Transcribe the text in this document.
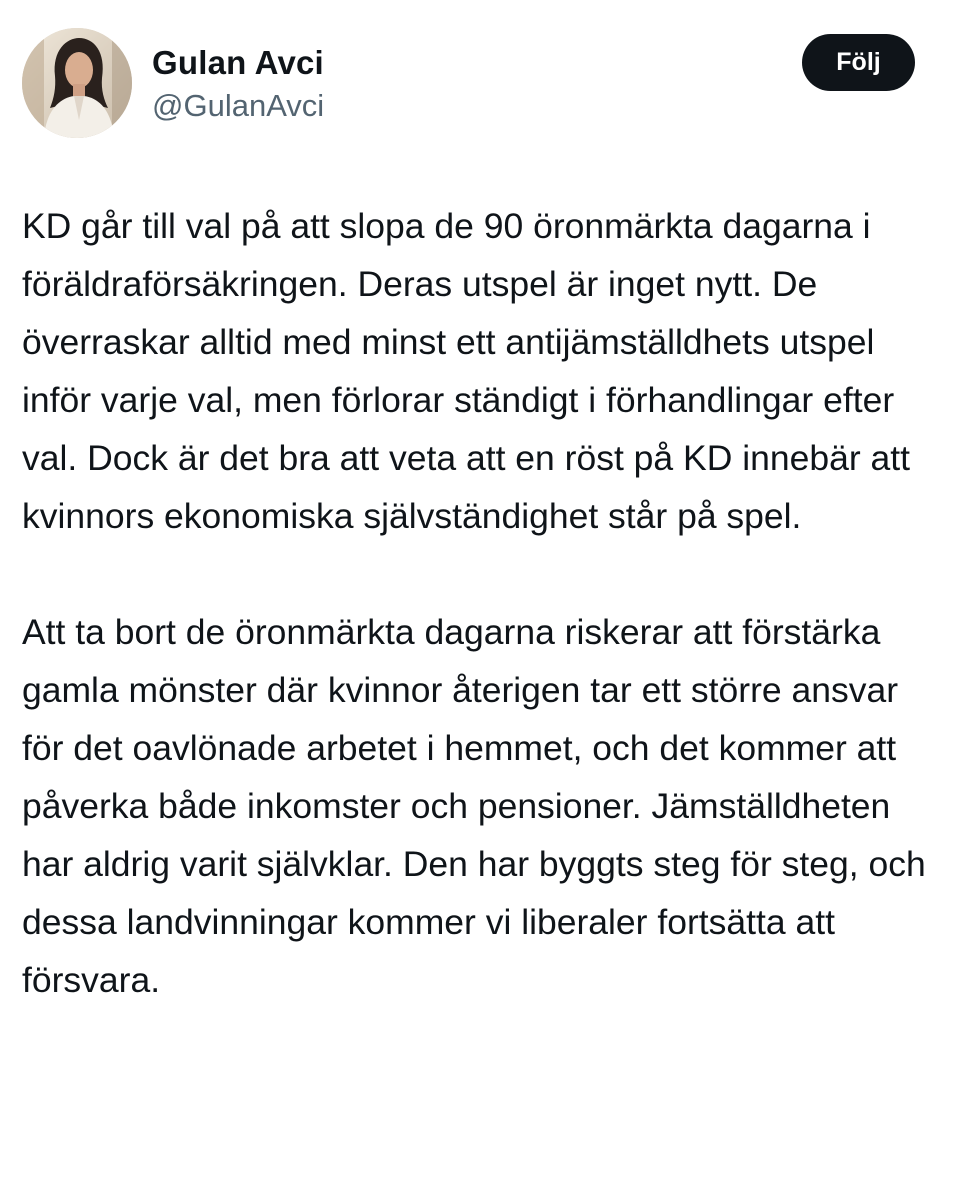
Gulan Avci
@GulanAvci
Följ

KD går till val på att slopa de 90 öronmärkta dagarna i föräldraförsäkringen. Deras utspel är inget nytt. De överraskar alltid med minst ett antijämställdhets utspel inför varje val, men förlorar ständigt i förhandlingar efter val. Dock är det bra att veta att en röst på KD innebär att kvinnors ekonomiska självständighet står på spel.

Att ta bort de öronmärkta dagarna riskerar att förstärka gamla mönster där kvinnor återigen tar ett större ansvar för det oavlönade arbetet i hemmet, och det kommer att påverka både inkomster och pensioner. Jämställdheten har aldrig varit självklar. Den har byggts steg för steg, och dessa landvinningar kommer vi liberaler fortsätta att försvara.
